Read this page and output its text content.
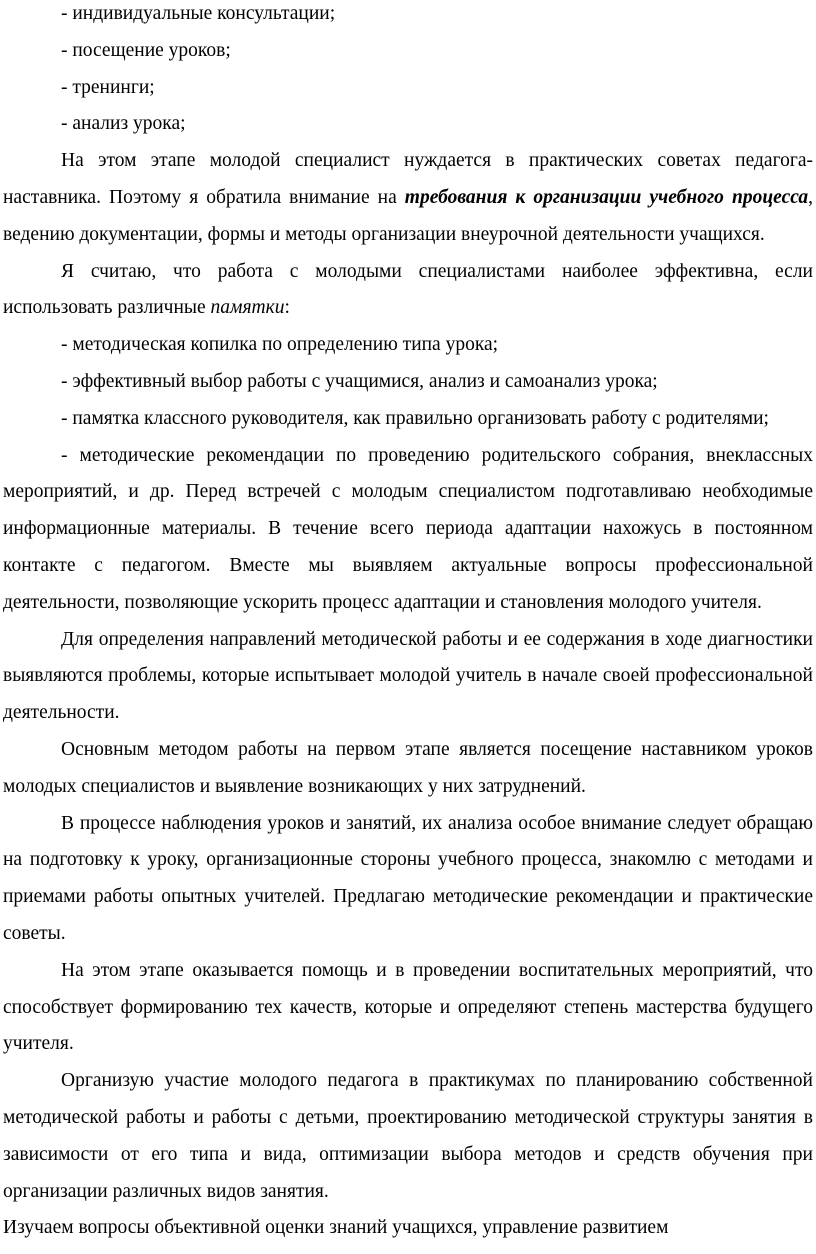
- индивидуальные консультации;

- посещение уроков;

- тренинги;

- анализ урока;

На этом этапе молодой специалист нуждается в практических советах педагога-наставника. Поэтому я обратила внимание на требования к организации учебного процесса, ведению документации, формы и методы организации внеурочной деятельности учащихся.

Я считаю, что работа с молодыми специалистами наиболее эффективна, если использовать различные памятки:

- методическая копилка по определению типа урока;

- эффективный выбор работы с учащимися, анализ и самоанализ урока;

- памятка классного руководителя, как правильно организовать работу с родителями;

- методические рекомендации по проведению родительского собрания, внеклассных мероприятий, и др. Перед встречей с молодым специалистом подготавливаю необходимые информационные материалы. В течение всего периода адаптации нахожусь в постоянном контакте с педагогом. Вместе мы выявляем актуальные вопросы профессиональной деятельности, позволяющие ускорить процесс адаптации и становления молодого учителя.

Для определения направлений методической работы и ее содержания в ходе диагностики выявляются проблемы, которые испытывает молодой учитель в начале своей профессиональной деятельности.

Основным методом работы на первом этапе является посещение наставником уроков молодых специалистов и выявление возникающих у них затруднений.

В процессе наблюдения уроков и занятий, их анализа особое внимание следует обращаю на подготовку к уроку, организационные стороны учебного процесса, знакомлю с методами и приемами работы опытных учителей. Предлагаю методические рекомендации и практические советы.

На этом этапе оказывается помощь и в проведении воспитательных мероприятий, что способствует формированию тех качеств, которые и определяют степень мастерства будущего учителя.

Организую участие молодого педагога в практикумах по планированию собственной методической работы и работы с детьми, проектированию методической структуры занятия в зависимости от его типа и вида, оптимизации выбора методов и средств обучения при организации различных видов занятия.

Изучаем вопросы объективной оценки знаний учащихся, управление развитием
